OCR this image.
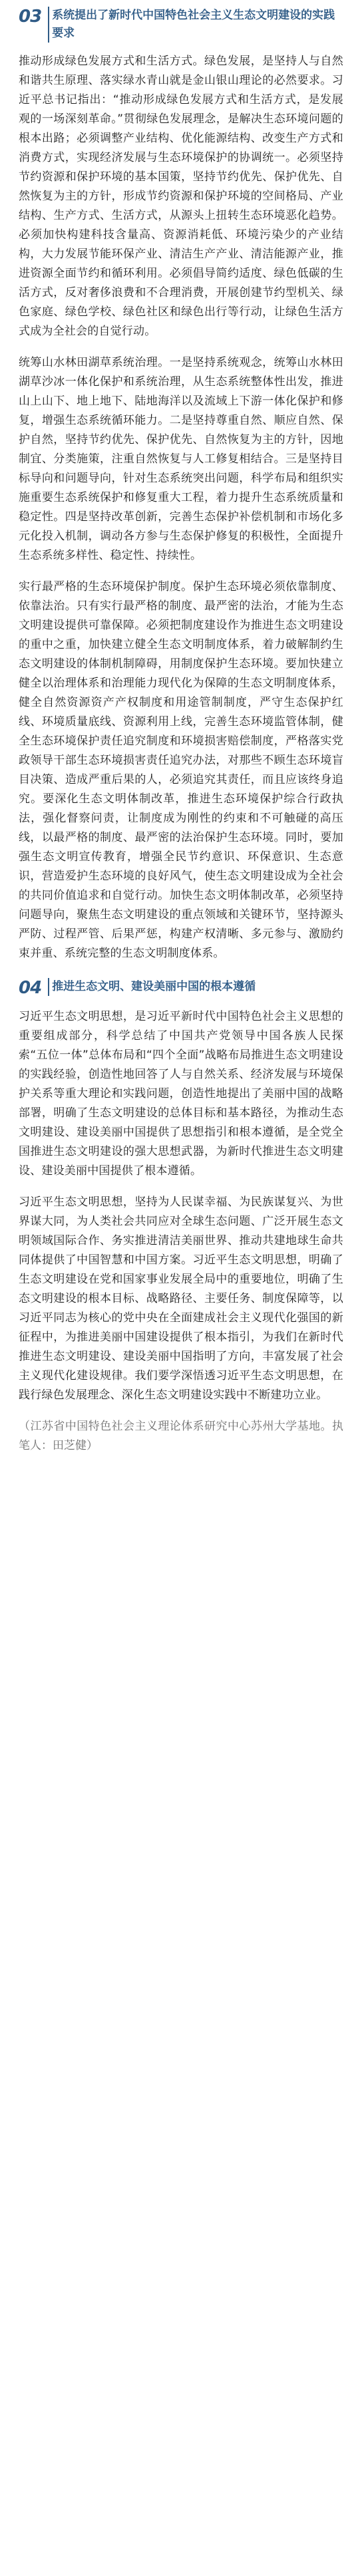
03 系统提出了新时代中国特色社会主义生态文明建设的实践要求

推动形成绿色发展方式和生活方式。绿色发展，是坚持人与自然和谐共生原理、落实绿水青山就是金山银山理论的必然要求。习近平总书记指出：“推动形成绿色发展方式和生活方式，是发展观的一场深刻革命。”贯彻绿色发展理念，是解决生态环境问题的根本出路；必须调整产业结构、优化能源结构、改变生产方式和消费方式，实现经济发展与生态环境保护的协调统一。必须坚持节约资源和保护环境的基本国策，坚持节约优先、保护优先、自然恢复为主的方针，形成节约资源和保护环境的空间格局、产业结构、生产方式、生活方式，从源头上扭转生态环境恶化趋势。必须加快构建科技含量高、资源消耗低、环境污染少的产业结构，大力发展节能环保产业、清洁生产产业、清洁能源产业，推进资源全面节约和循环利用。必须倡导简约适度、绿色低碳的生活方式，反对奢侈浪费和不合理消费，开展创建节约型机关、绿色家庭、绿色学校、绿色社区和绿色出行等行动，让绿色生活方式成为全社会的自觉行动。

统筹山水林田湖草系统治理。一是坚持系统观念，统筹山水林田湖草沙冰一体化保护和系统治理，从生态系统整体性出发，推进山上山下、地上地下、陆地海洋以及流域上下游一体化保护和修复，增强生态系统循环能力。二是坚持尊重自然、顺应自然、保护自然，坚持节约优先、保护优先、自然恢复为主的方针，因地制宜、分类施策，注重自然恢复与人工修复相结合。三是坚持目标导向和问题导向，针对生态系统突出问题，科学布局和组织实施重要生态系统保护和修复重大工程，着力提升生态系统质量和稳定性。四是坚持改革创新，完善生态保护补偿机制和市场化多元化投入机制，调动各方参与生态保护修复的积极性，全面提升生态系统多样性、稳定性、持续性。

实行最严格的生态环境保护制度。保护生态环境必须依靠制度、依靠法治。只有实行最严格的制度、最严密的法治，才能为生态文明建设提供可靠保障。必须把制度建设作为推进生态文明建设的重中之重，加快建立健全生态文明制度体系，着力破解制约生态文明建设的体制机制障碍，用制度保护生态环境。要加快建立健全以治理体系和治理能力现代化为保障的生态文明制度体系，健全自然资源资产产权制度和用途管制制度，严守生态保护红线、环境质量底线、资源利用上线，完善生态环境监管体制，健全生态环境保护责任追究制度和环境损害赔偿制度，严格落实党政领导干部生态环境损害责任追究办法，对那些不顾生态环境盲目决策、造成严重后果的人，必须追究其责任，而且应该终身追究。要深化生态文明体制改革，推进生态环境保护综合行政执法，强化督察问责，让制度成为刚性的约束和不可触碰的高压线，以最严格的制度、最严密的法治保护生态环境。同时，要加强生态文明宣传教育，增强全民节约意识、环保意识、生态意识，营造爱护生态环境的良好风气，使生态文明建设成为全社会的共同价值追求和自觉行动。加快生态文明体制改革，必须坚持问题导向，聚焦生态文明建设的重点领域和关键环节，坚持源头严防、过程严管、后果严惩，构建产权清晰、多元参与、激励约束并重、系统完整的生态文明制度体系。

04 推进生态文明、建设美丽中国的根本遵循

习近平生态文明思想，是习近平新时代中国特色社会主义思想的重要组成部分，科学总结了中国共产党领导中国各族人民探索“五位一体”总体布局和“四个全面”战略布局推进生态文明建设的实践经验，创造性地回答了人与自然关系、经济发展与环境保护关系等重大理论和实践问题，创造性地提出了美丽中国的战略部署，明确了生态文明建设的总体目标和基本路径，为推动生态文明建设、建设美丽中国提供了思想指引和根本遵循，是全党全国推进生态文明建设的强大思想武器，为新时代推进生态文明建设、建设美丽中国提供了根本遵循。

习近平生态文明思想，坚持为人民谋幸福、为民族谋复兴、为世界谋大同，为人类社会共同应对全球生态问题、广泛开展生态文明领域国际合作、务实推进清洁美丽世界、推动共建地球生命共同体提供了中国智慧和中国方案。习近平生态文明思想，明确了生态文明建设在党和国家事业发展全局中的重要地位，明确了生态文明建设的根本目标、战略路径、主要任务、制度保障等，以习近平同志为核心的党中央在全面建成社会主义现代化强国的新征程中，为推进美丽中国建设提供了根本指引，为我们在新时代推进生态文明建设、建设美丽中国指明了方向，丰富发展了社会主义现代化建设规律。我们要学深悟透习近平生态文明思想，在践行绿色发展理念、深化生态文明建设实践中不断建功立业。

（江苏省中国特色社会主义理论体系研究中心苏州大学基地。执笔人：田芝健）
